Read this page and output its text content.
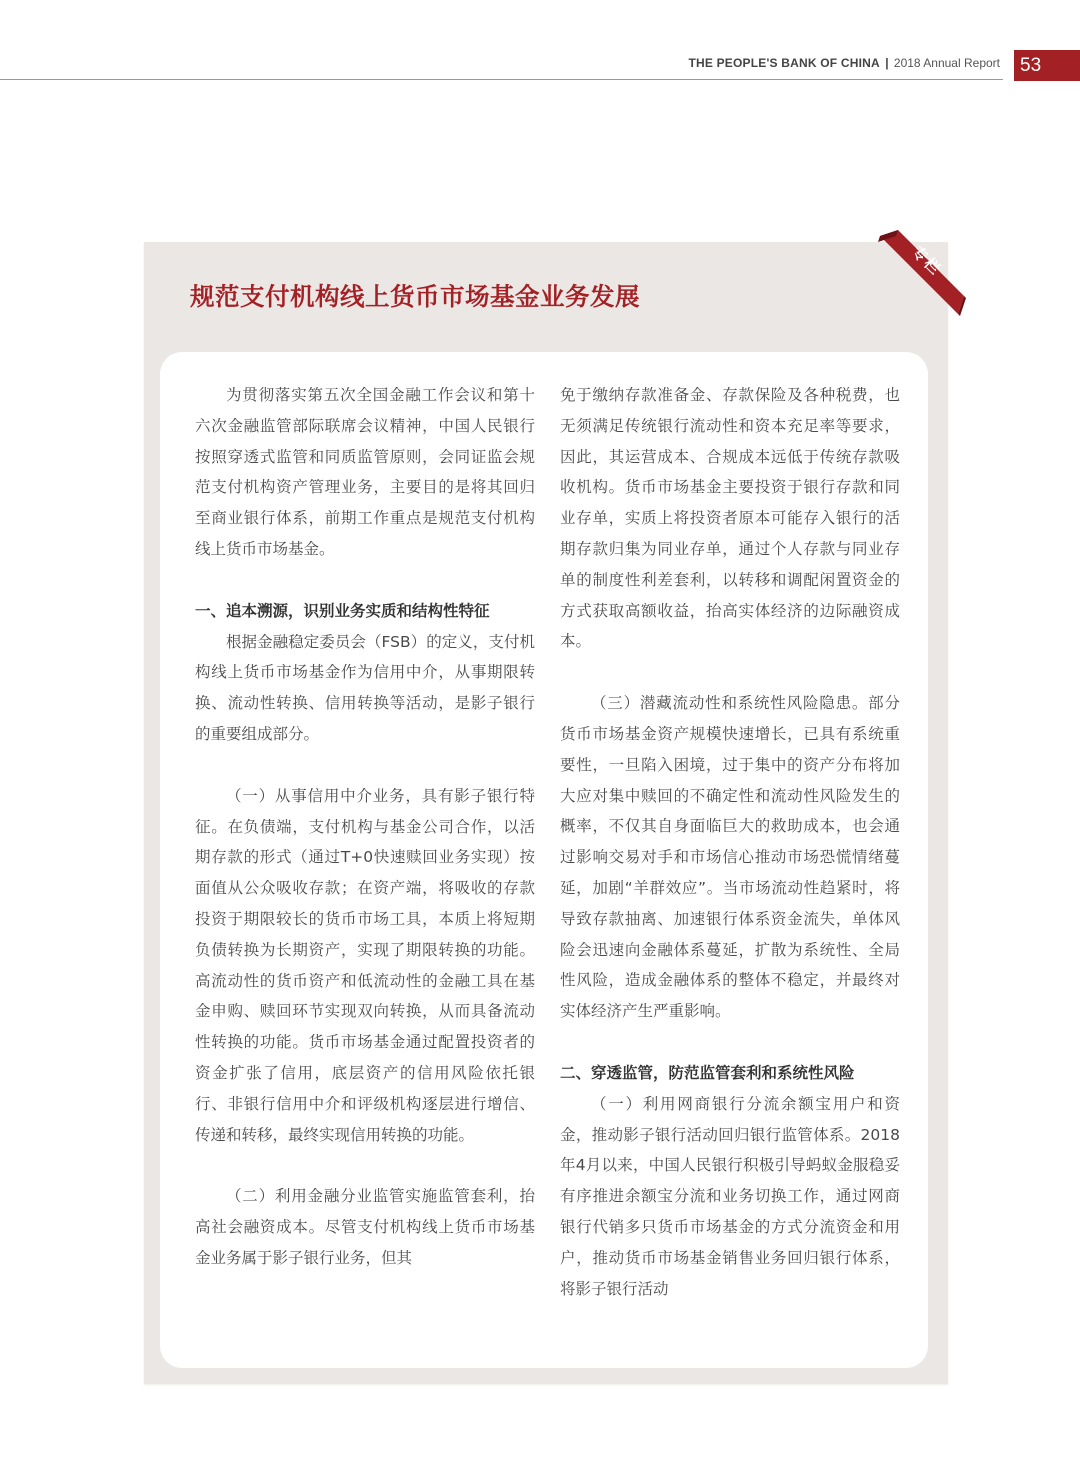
THE PEOPLE'S BANK OF CHINA | 2018 Annual Report	53
专栏
规范支付机构线上货币市场基金业务发展

为贯彻落实第五次全国金融工作会议和第十六次金融监管部际联席会议精神，中国人民银行按照穿透式监管和同质监管原则，会同证监会规范支付机构资产管理业务，主要目的是将其回归至商业银行体系，前期工作重点是规范支付机构线上货币市场基金。

一、追本溯源，识别业务实质和结构性特征

根据金融稳定委员会（FSB）的定义，支付机构线上货币市场基金作为信用中介，从事期限转换、流动性转换、信用转换等活动，是影子银行的重要组成部分。

（一）从事信用中介业务，具有影子银行特征。在负债端，支付机构与基金公司合作，以活期存款的形式（通过T+0快速赎回业务实现）按面值从公众吸收存款；在资产端，将吸收的存款投资于期限较长的货币市场工具，本质上将短期负债转换为长期资产，实现了期限转换的功能。高流动性的货币资产和低流动性的金融工具在基金申购、赎回环节实现双向转换，从而具备流动性转换的功能。货币市场基金通过配置投资者的资金扩张了信用，底层资产的信用风险依托银行、非银行信用中介和评级机构逐层进行增信、传递和转移，最终实现信用转换的功能。

（二）利用金融分业监管实施监管套利，抬高社会融资成本。尽管支付机构线上货币市场基金业务属于影子银行业务，但其

免于缴纳存款准备金、存款保险及各种税费，也无须满足传统银行流动性和资本充足率等要求，因此，其运营成本、合规成本远低于传统存款吸收机构。货币市场基金主要投资于银行存款和同业存单，实质上将投资者原本可能存入银行的活期存款归集为同业存单，通过个人存款与同业存单的制度性利差套利，以转移和调配闲置资金的方式获取高额收益，抬高实体经济的边际融资成本。

（三）潜藏流动性和系统性风险隐患。部分货币市场基金资产规模快速增长，已具有系统重要性，一旦陷入困境，过于集中的资产分布将加大应对集中赎回的不确定性和流动性风险发生的概率，不仅其自身面临巨大的救助成本，也会通过影响交易对手和市场信心推动市场恐慌情绪蔓延，加剧“羊群效应”。当市场流动性趋紧时，将导致存款抽离、加速银行体系资金流失，单体风险会迅速向金融体系蔓延，扩散为系统性、全局性风险，造成金融体系的整体不稳定，并最终对实体经济产生严重影响。

二、穿透监管，防范监管套利和系统性风险

（一）利用网商银行分流余额宝用户和资金，推动影子银行活动回归银行监管体系。2018年4月以来，中国人民银行积极引导蚂蚁金服稳妥有序推进余额宝分流和业务切换工作，通过网商银行代销多只货币市场基金的方式分流资金和用户，推动货币市场基金销售业务回归银行体系，将影子银行活动
